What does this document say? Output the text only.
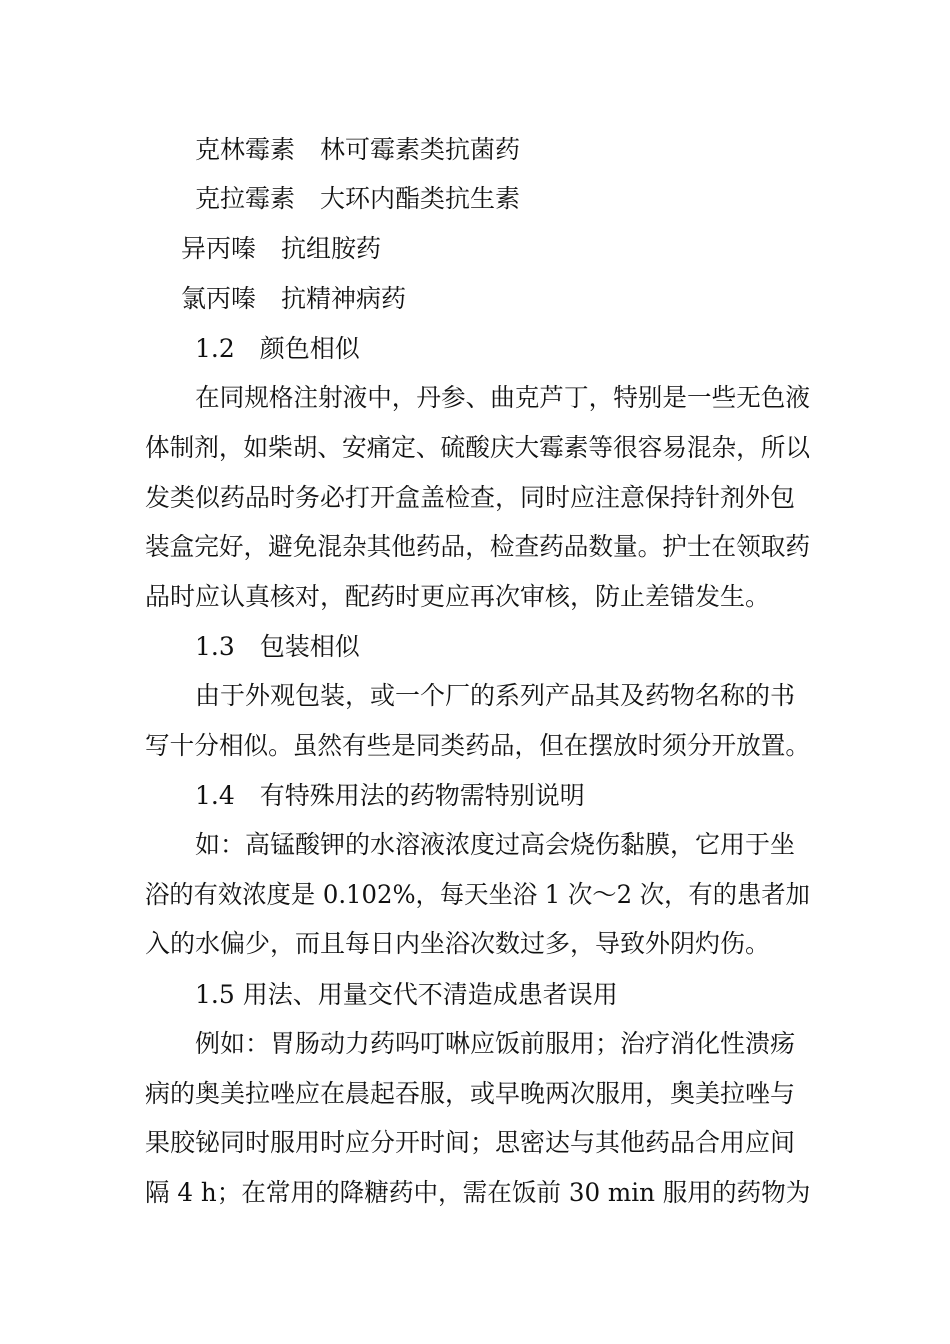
克林霉素　林可霉素类抗菌药
克拉霉素　大环内酯类抗生素
异丙嗪　抗组胺药
氯丙嗪　抗精神病药
1.2　颜色相似
在同规格注射液中，丹参、曲克芦丁，特别是一些无色液
体制剂，如柴胡、安痛定、硫酸庆大霉素等很容易混杂，所以
发类似药品时务必打开盒盖检查，同时应注意保持针剂外包
装盒完好，避免混杂其他药品，检查药品数量。护士在领取药
品时应认真核对，配药时更应再次审核，防止差错发生。
1.3　包装相似
由于外观包装，或一个厂的系列产品其及药物名称的书
写十分相似。虽然有些是同类药品，但在摆放时须分开放置。
1.4　有特殊用法的药物需特别说明
如：高锰酸钾的水溶液浓度过高会烧伤黏膜，它用于坐
浴的有效浓度是 0.102%，每天坐浴 1 次～2 次，有的患者加
入的水偏少，而且每日内坐浴次数过多，导致外阴灼伤。
1.5 用法、用量交代不清造成患者误用
例如：胃肠动力药吗叮啉应饭前服用；治疗消化性溃疡
病的奥美拉唑应在晨起吞服，或早晚两次服用，奥美拉唑与
果胶铋同时服用时应分开时间；思密达与其他药品合用应间
隔 4 h；在常用的降糖药中，需在饭前 30 min 服用的药物为
